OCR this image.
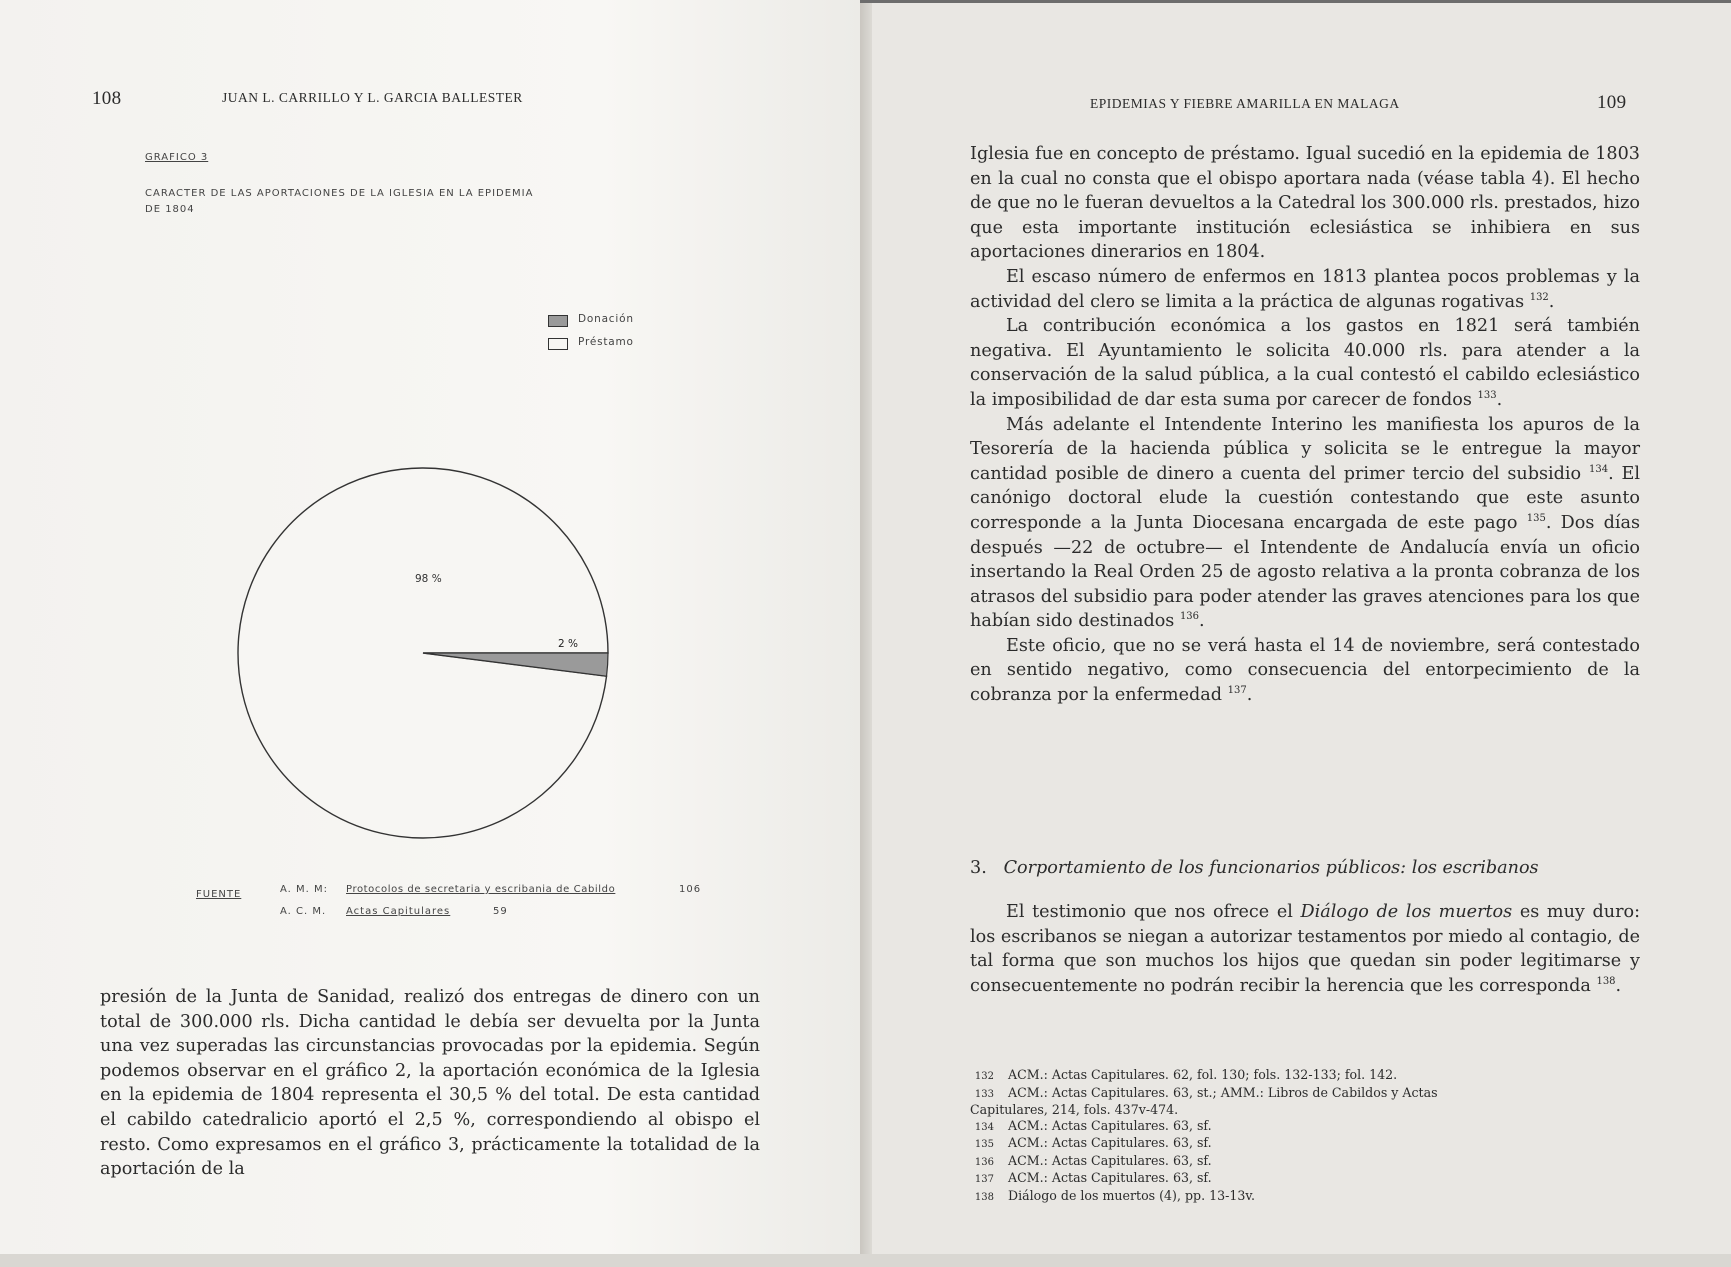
108	JUAN L. CARRILLO Y L. GARCIA BALLESTER
GRAFICO 3
CARACTER DE LAS APORTACIONES DE LA IGLESIA EN LA EPIDEMIA
DE 1804
Donación
Préstamo
98 %
2 %
FUENTE	A. M. M: Protocolos de secretaria y escribania de Cabildo	106
A. C. M. Actas Capitulares	59

presión de la Junta de Sanidad, realizó dos entregas de dinero con un total de 300.000 rls. Dicha cantidad le debía ser devuelta por la Junta una vez superadas las circunstancias provocadas por la epidemia. Según podemos observar en el gráfico 2, la aportación económica de la Iglesia en la epidemia de 1804 representa el 30,5 % del total. De esta cantidad el cabildo catedralicio aportó el 2,5 %, correspondiendo al obispo el resto. Como expresamos en el gráfico 3, prácticamente la totalidad de la aportación de la

EPIDEMIAS Y FIEBRE AMARILLA EN MALAGA	109

Iglesia fue en concepto de préstamo. Igual sucedió en la epidemia de 1803 en la cual no consta que el obispo aportara nada (véase tabla 4). El hecho de que no le fueran devueltos a la Catedral los 300.000 rls. prestados, hizo que esta importante institución eclesiástica se inhibiera en sus aportaciones dinerarios en 1804.

El escaso número de enfermos en 1813 plantea pocos problemas y la actividad del clero se limita a la práctica de algunas rogativas $^{132}$.

La contribución económica a los gastos en 1821 será también negativa. El Ayuntamiento le solicita 40.000 rls. para atender a la conservación de la salud pública, a la cual contestó el cabildo eclesiástico la imposibilidad de dar esta suma por carecer de fondos $^{133}$.

Más adelante el Intendente Interino les manifiesta los apuros de la Tesorería de la hacienda pública y solicita se le entregue la mayor cantidad posible de dinero a cuenta del primer tercio del subsidio $^{134}$. El canónigo doctoral elude la cuestión contestando que este asunto corresponde a la Junta Diocesana encargada de este pago $^{135}$. Dos días después —22 de octubre— el Intendente de Andalucía envía un oficio insertando la Real Orden 25 de agosto relativa a la pronta cobranza de los atrasos del subsidio para poder atender las graves atenciones para los que habían sido destinados $^{136}$.

Este oficio, que no se verá hasta el 14 de noviembre, será contestado en sentido negativo, como consecuencia del entorpecimiento de la cobranza por la enfermedad $^{137}$.

3. Corportamiento de los funcionarios públicos: los escribanos

El testimonio que nos ofrece el Diálogo de los muertos es muy duro: los escribanos se niegan a autorizar testamentos por miedo al contagio, de tal forma que son muchos los hijos que quedan sin poder legitimarse y consecuentemente no podrán recibir la herencia que les corresponda $^{138}$.

132 ACM.: Actas Capitulares. 62, fol. 130; fols. 132-133; fol. 142.
133 ACM.: Actas Capitulares. 63, st.; AMM.: Libros de Cabildos y Actas
Capitulares, 214, fols. 437v-474.
134 ACM.: Actas Capitulares. 63, sf.
135 ACM.: Actas Capitulares. 63, sf.
136 ACM.: Actas Capitulares. 63, sf.
137 ACM.: Actas Capitulares. 63, sf.
138 Diálogo de los muertos (4), pp. 13-13v.
